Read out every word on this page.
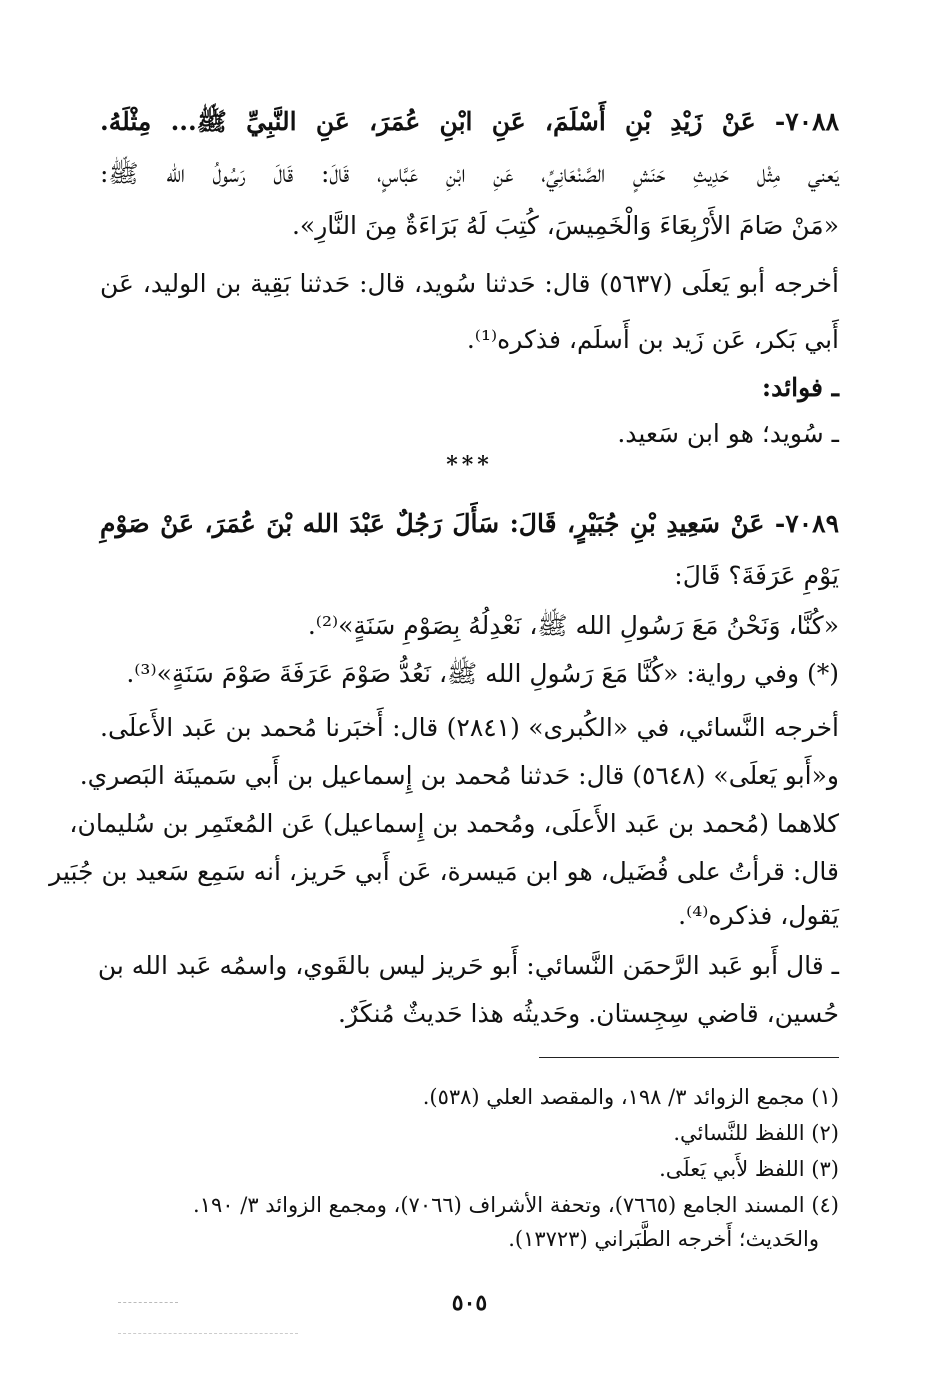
٧٠٨٨- عَنْ زَيْدِ بْنِ أَسْلَمَ، عَنِ ابْنِ عُمَرَ، عَنِ النَّبِيِّ ﷺ... مِثْلَهُ.
يَعني مِثْل حَدِيثِ حَنَشٍ الصَّنْعَانِيِّ، عَنِ ابْنِ عَبَّاسٍ، قَالَ: قَالَ رَسُولُ الله ﷺ:
«مَنْ صَامَ الأَرْبِعَاءَ وَالْخَمِيسَ، كُتِبَ لَهُ بَرَاءَةٌ مِنَ النَّارِ».
أخرجه أبو يَعلَى (٥٦٣٧) قال: حَدثنا سُويد، قال: حَدثنا بَقِية بن الوليد، عَن
أَبي بَكر، عَن زَيد بن أَسلَم، فذكره⁽¹⁾.
ـ فوائد:
ـ سُويد؛ هو ابن سَعيد.
***
٧٠٨٩- عَنْ سَعِيدِ بْنِ جُبَيْرٍ، قَالَ: سَأَلَ رَجُلٌ عَبْدَ الله بْنَ عُمَرَ، عَنْ صَوْمِ
يَوْمِ عَرَفَةَ؟ قَالَ:
«كُنَّا، وَنَحْنُ مَعَ رَسُولِ الله ﷺ، نَعْدِلُهُ بِصَوْمِ سَنَةٍ»⁽²⁾.
(*) وفي رواية: «كُنَّا مَعَ رَسُولِ الله ﷺ، نَعُدُّ صَوْمَ عَرَفَةَ صَوْمَ سَنَةٍ»⁽³⁾.
أخرجه النَّسائي، في «الكُبرى» (٢٨٤١) قال: أَخبَرنا مُحمد بن عَبد الأَعلَى.
و«أَبو يَعلَى» (٥٦٤٨) قال: حَدثنا مُحمد بن إِسماعيل بن أَبي سَمينَة البَصري.
كلاهما (مُحمد بن عَبد الأَعلَى، ومُحمد بن إِسماعيل) عَن المُعتَمِر بن سُليمان،
قال: قرأتُ على فُضَيل، هو ابن مَيسرة، عَن أَبي حَريز، أنه سَمِع سَعيد بن جُبَير
يَقول، فذكره⁽⁴⁾.
ـ قال أَبو عَبد الرَّحمَن النَّسائي: أَبو حَريز ليس بالقَوي، واسمُه عَبد الله بن
حُسين، قاضي سِجِستان. وحَديثُه هذا حَديثٌ مُنكَرٌ.
(١) مجمع الزوائد ٣/ ١٩٨، والمقصد العلي (٥٣٨).
(٢) اللفظ للنَّسائي.
(٣) اللفظ لأَبي يَعلَى.
(٤) المسند الجامع (٧٦٦٥)، وتحفة الأشراف (٧٠٦٦)، ومجمع الزوائد ٣/ ١٩٠.
والحَديث؛ أَخرجه الطَّبَراني (١٣٧٢٣).
٥٠٥
